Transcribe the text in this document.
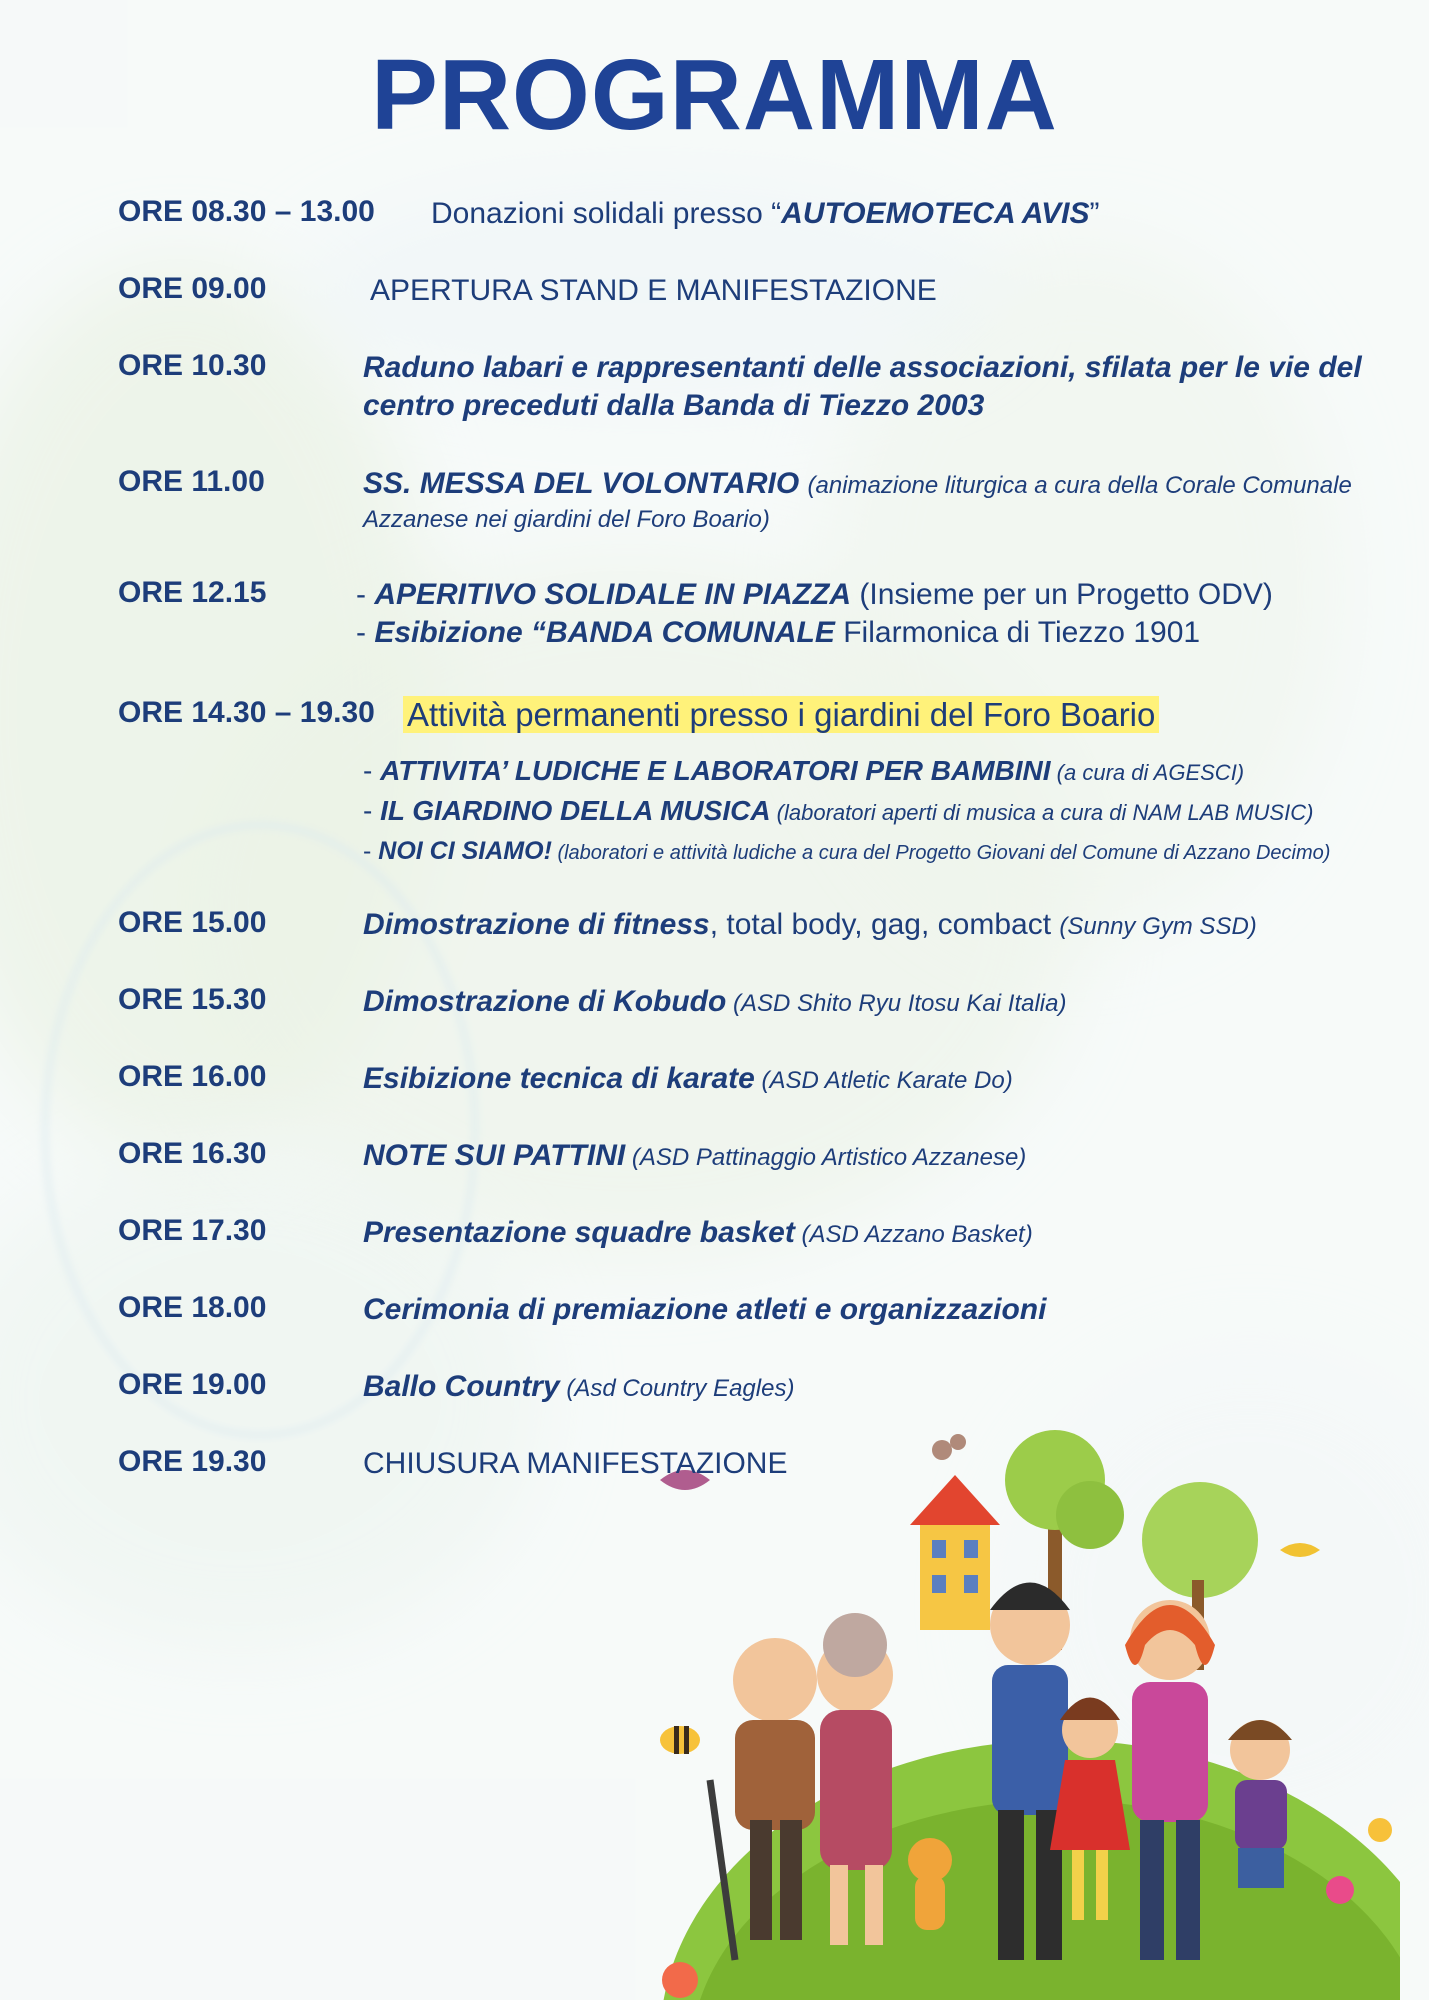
PROGRAMMA
ORE 08.30 – 13.00 Donazioni solidali presso “AUTOEMOTECA AVIS”
ORE 09.00	APERTURA STAND E MANIFESTAZIONE
ORE 10.30	Raduno labari e rappresentanti delle associazioni, sfilata per le vie del
centro preceduti dalla Banda di Tiezzo 2003
ORE 11.00	SS. MESSA DEL VOLONTARIO (animazione liturgica a cura della Corale Comunale
Azzanese nei giardini del Foro Boario)
ORE 12.15	- APERITIVO SOLIDALE IN PIAZZA (Insieme per un Progetto ODV)
- Esibizione “BANDA COMUNALE Filarmonica di Tiezzo 1901
ORE 14.30 – 19.30 Attività permanenti presso i giardini del Foro Boario
- ATTIVITA’ LUDICHE E LABORATORI PER BAMBINI (a cura di AGESCI)
- IL GIARDINO DELLA MUSICA (laboratori aperti di musica a cura di NAM LAB MUSIC)
- NOI CI SIAMO! (laboratori e attività ludiche a cura del Progetto Giovani del Comune di Azzano Decimo)
ORE 15.00	Dimostrazione di fitness, total body, gag, combact (Sunny Gym SSD)
ORE 15.30	Dimostrazione di Kobudo (ASD Shito Ryu Itosu Kai Italia)
ORE 16.00	Esibizione tecnica di karate (ASD Atletic Karate Do)
ORE 16.30	NOTE SUI PATTINI (ASD Pattinaggio Artistico Azzanese)
ORE 17.30	Presentazione squadre basket (ASD Azzano Basket)
ORE 18.00	Cerimonia di premiazione atleti e organizzazioni
ORE 19.00	Ballo Country (Asd Country Eagles)
ORE 19.30	CHIUSURA MANIFESTAZIONE
